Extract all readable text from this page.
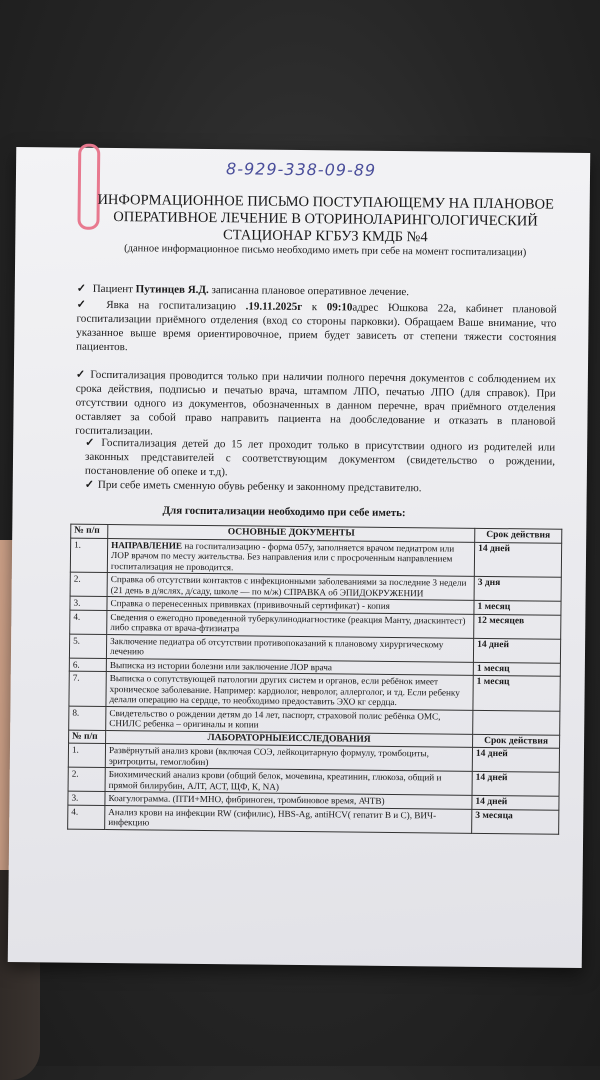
8-929-338-09-89
ИНФОРМАЦИОННОЕ ПИСЬМО ПОСТУПАЮЩЕМУ НА ПЛАНОВОЕ ОПЕРАТИВНОЕ ЛЕЧЕНИЕ В ОТОРИНОЛАРИНГОЛОГИЧЕСКИЙ СТАЦИОНАР КГБУЗ КМДБ №4
(данное информационное письмо необходимо иметь при себе на момент госпитализации)
✓ Пациент Путинцев Я.Д. записанна плановое оперативное лечение.
✓ Явка на госпитализацию .19.11.2025г к 09:10адрес Юшкова 22а, кабинет плановой госпитализации приёмного отделения (вход со стороны парковки). Обращаем Ваше внимание, что указанное выше время ориентировочное, прием будет зависеть от степени тяжести состояния пациентов.
✓ Госпитализация проводится только при наличии полного перечня документов с соблюдением их срока действия, подписью и печатью врача, штампом ЛПО, печатью ЛПО (для справок). При отсутствии одного из документов, обозначенных в данном перечне, врач приёмного отделения оставляет за собой право направить пациента на дообследование и отказать в плановой госпитализации.
✓ Госпитализация детей до 15 лет проходит только в присутствии одного из родителей или законных представителей с соответствующим документом (свидетельство о рождении, постановление об опеке и т.д).
✓ При себе иметь сменную обувь ребенку и законному представителю.
Для госпитализации необходимо при себе иметь:
№ п/п	ОСНОВНЫЕ ДОКУМЕНТЫ	Срок действия
1.	НАПРАВЛЕНИЕ на госпитализацию - форма 057у, заполняется врачом педиатром или ЛОР врачом по месту жительства. Без направления или с просроченным направлением госпитализация не проводится.	14 дней
2.	Справка об отсутствии контактов с инфекционными заболеваниями за последние 3 недели (21 день в д/яслях, д/саду, школе — по м/ж) СПРАВКА об ЭПИДОКРУЖЕНИИ	3 дня
3.	Справка о перенесенных прививках (прививочный сертификат) - копия	1 месяц
4.	Сведения о ежегодно проведенной туберкулинодиагностике (реакция Манту, диаскинтест) либо справка от врача-фтизиатра	12 месяцев
5.	Заключение педиатра об отсутствии противопоказаний к плановому хирургическому лечению	14 дней
6.	Выписка из истории болезни или заключение ЛОР врача	1 месяц
7.	Выписка о сопутствующей патологии других систем и органов, если ребёнок имеет хроническое заболевание. Например: кардиолог, невролог, аллерголог, и тд. Если ребенку делали операцию на сердце, то необходимо предоставить ЭХО кг сердца.	1 месяц
8.	Свидетельство о рождении детям до 14 лет, паспорт, страховой полис ребёнка ОМС, СНИЛС ребенка – оригиналы и копии	
№ п/п	ЛАБОРАТОРНЫЕИССЛЕДОВАНИЯ	Срок действия
1.	Развёрнутый анализ крови (включая СОЭ, лейкоцитарную формулу, тромбоциты, эритроциты, гемоглобин)	14 дней
2.	Биохимический анализ крови (общий белок, мочевина, креатинин, глюкоза, общий и прямой билирубин, АЛТ, АСТ, ЩФ, К, NA)	14 дней
3.	Коагулограмма. (ПТИ+МНО, фибриноген, тромбиновое время, АЧТВ)	14 дней
4.	Анализ крови на инфекции RW (сифилис), HBS-Ag, antiHCV( гепатит В и С), ВИЧ-инфекцию	3 месяца
